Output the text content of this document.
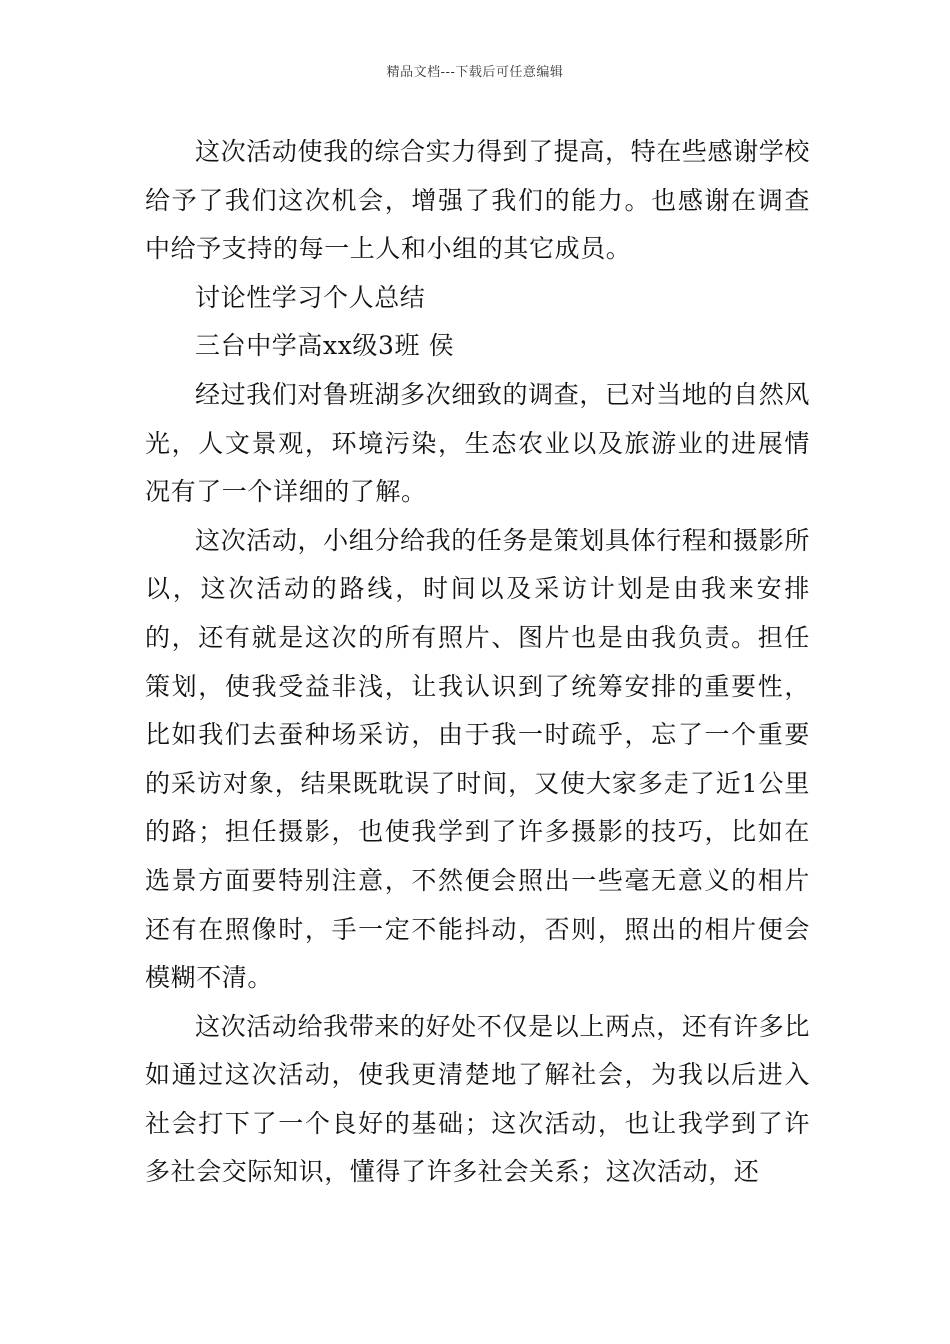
精品文档---下载后可任意编辑

这次活动使我的综合实力得到了提高，特在些感谢学校给予了我们这次机会，增强了我们的能力。也感谢在调查中给予支持的每一上人和小组的其它成员。

讨论性学习个人总结

三台中学高xx级3班 侯

经过我们对鲁班湖多次细致的调查，已对当地的自然风光，人文景观，环境污染，生态农业以及旅游业的进展情况有了一个详细的了解。

这次活动，小组分给我的任务是策划具体行程和摄影所以，这次活动的路线，时间以及采访计划是由我来安排的，还有就是这次的所有照片、图片也是由我负责。担任策划，使我受益非浅，让我认识到了统筹安排的重要性，比如我们去蚕种场采访，由于我一时疏乎，忘了一个重要的采访对象，结果既耽误了时间，又使大家多走了近1公里的路；担任摄影，也使我学到了许多摄影的技巧，比如在选景方面要特别注意，不然便会照出一些毫无意义的相片还有在照像时，手一定不能抖动，否则，照出的相片便会模糊不清。

这次活动给我带来的好处不仅是以上两点，还有许多比如通过这次活动，使我更清楚地了解社会，为我以后进入社会打下了一个良好的基础；这次活动，也让我学到了许多社会交际知识，懂得了许多社会关系；这次活动，还
